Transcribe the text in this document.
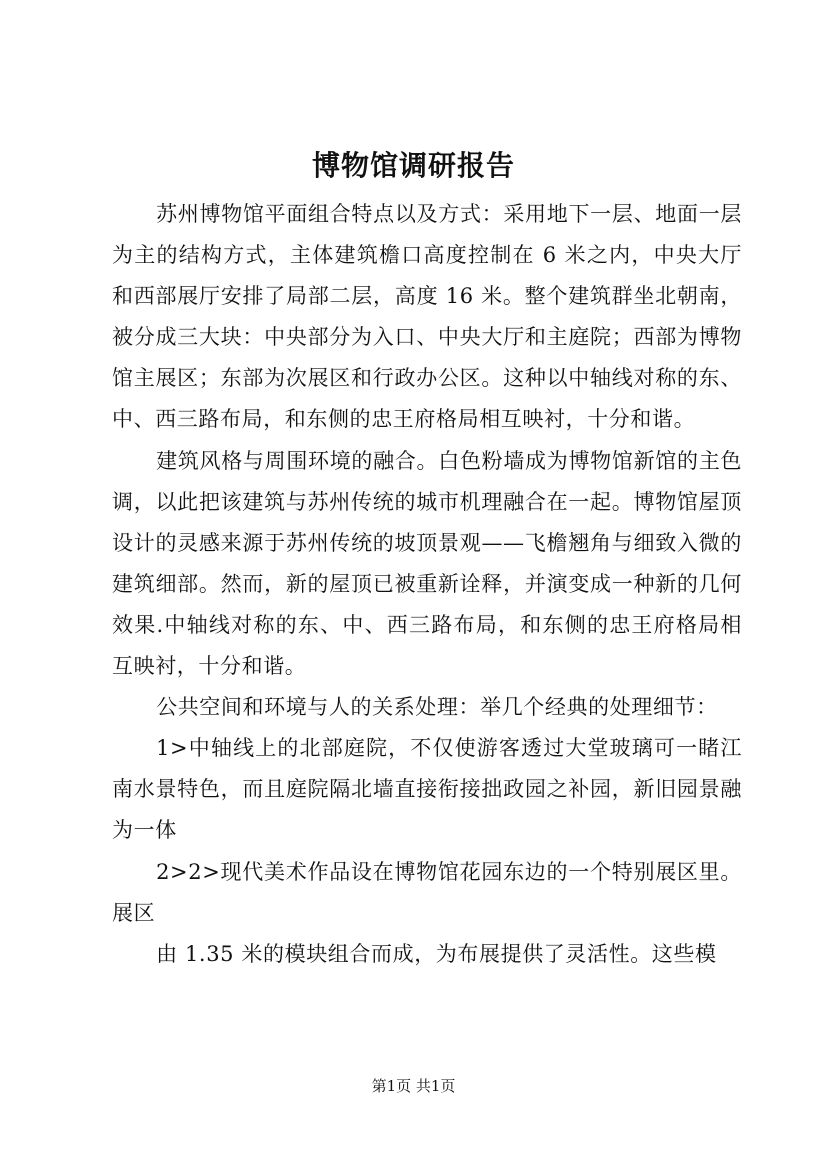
博物馆调研报告

苏州博物馆平面组合特点以及方式：采用地下一层、地面一层为主的结构方式，主体建筑檐口高度控制在 6 米之内，中央大厅和西部展厅安排了局部二层，高度 16 米。整个建筑群坐北朝南，被分成三大块：中央部分为入口、中央大厅和主庭院；西部为博物馆主展区；东部为次展区和行政办公区。这种以中轴线对称的东、中、西三路布局，和东侧的忠王府格局相互映衬，十分和谐。

建筑风格与周围环境的融合。白色粉墙成为博物馆新馆的主色调，以此把该建筑与苏州传统的城市机理融合在一起。博物馆屋顶设计的灵感来源于苏州传统的坡顶景观——飞檐翘角与细致入微的建筑细部。然而，新的屋顶已被重新诠释，并演变成一种新的几何效果.中轴线对称的东、中、西三路布局，和东侧的忠王府格局相互映衬，十分和谐。

公共空间和环境与人的关系处理：举几个经典的处理细节：

1>中轴线上的北部庭院，不仅使游客透过大堂玻璃可一睹江南水景特色，而且庭院隔北墙直接衔接拙政园之补园，新旧园景融为一体

2>2>现代美术作品设在博物馆花园东边的一个特别展区里。展区

由 1.35 米的模块组合而成，为布展提供了灵活性。这些模

第1页 共1页
